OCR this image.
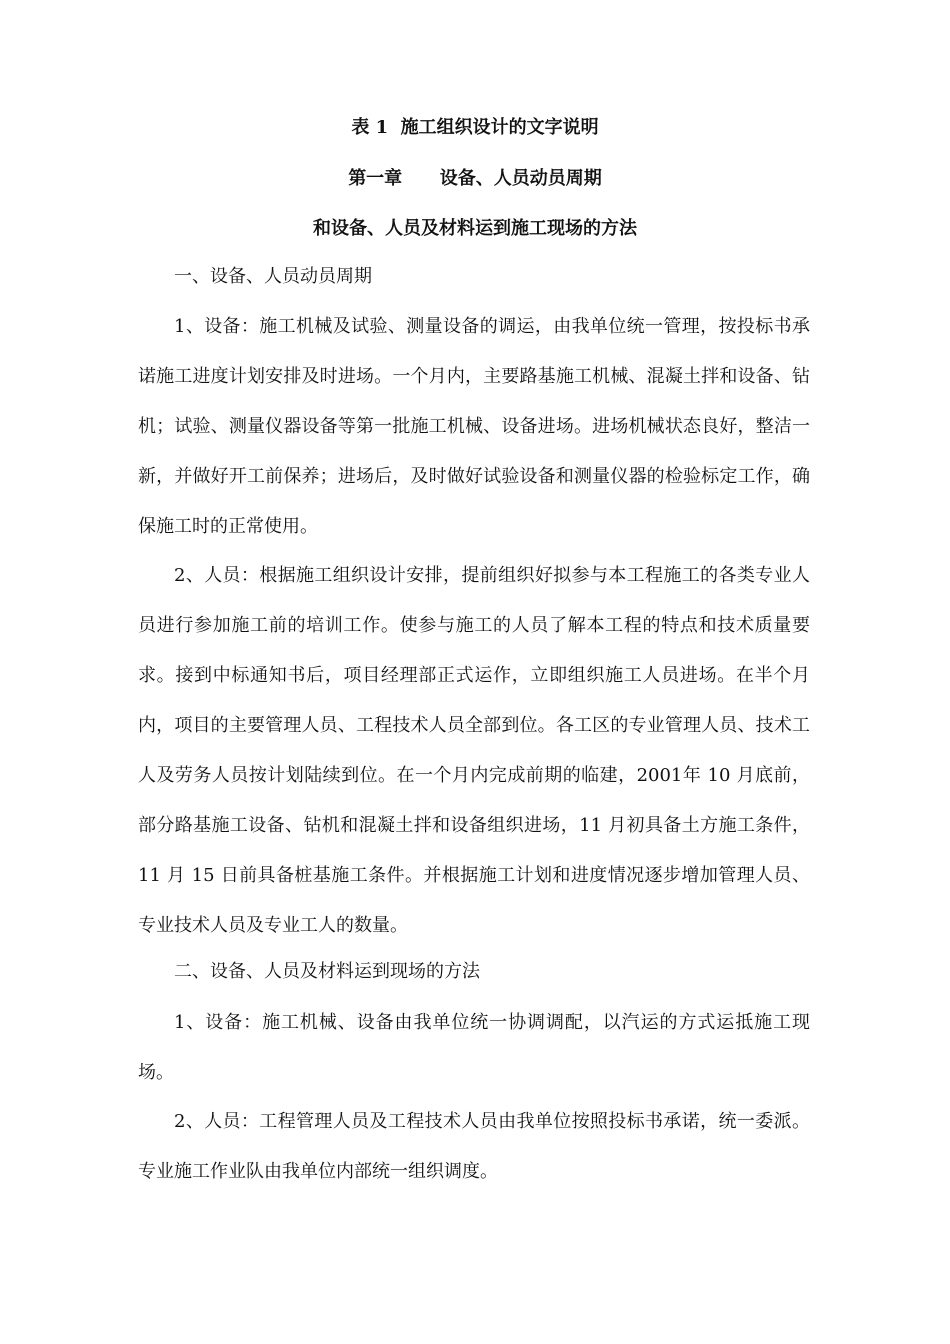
表 1  施工组织设计的文字说明
第一章      设备、人员动员周期
和设备、人员及材料运到施工现场的方法

一、设备、人员动员周期

1、设备：施工机械及试验、测量设备的调运，由我单位统一管理，按投标书承诺施工进度计划安排及时进场。一个月内，主要路基施工机械、混凝土拌和设备、钻机；试验、测量仪器设备等第一批施工机械、设备进场。进场机械状态良好，整洁一新，并做好开工前保养；进场后，及时做好试验设备和测量仪器的检验标定工作，确保施工时的正常使用。

2、人员：根据施工组织设计安排，提前组织好拟参与本工程施工的各类专业人员进行参加施工前的培训工作。使参与施工的人员了解本工程的特点和技术质量要求。接到中标通知书后，项目经理部正式运作，立即组织施工人员进场。在半个月内，项目的主要管理人员、工程技术人员全部到位。各工区的专业管理人员、技术工人及劳务人员按计划陆续到位。在一个月内完成前期的临建，2001年 10 月底前，部分路基施工设备、钻机和混凝土拌和设备组织进场，11 月初具备土方施工条件，11 月 15 日前具备桩基施工条件。并根据施工计划和进度情况逐步增加管理人员、专业技术人员及专业工人的数量。

二、设备、人员及材料运到现场的方法

1、设备：施工机械、设备由我单位统一协调调配，以汽运的方式运抵施工现场。

2、人员：工程管理人员及工程技术人员由我单位按照投标书承诺，统一委派。专业施工作业队由我单位内部统一组织调度。
